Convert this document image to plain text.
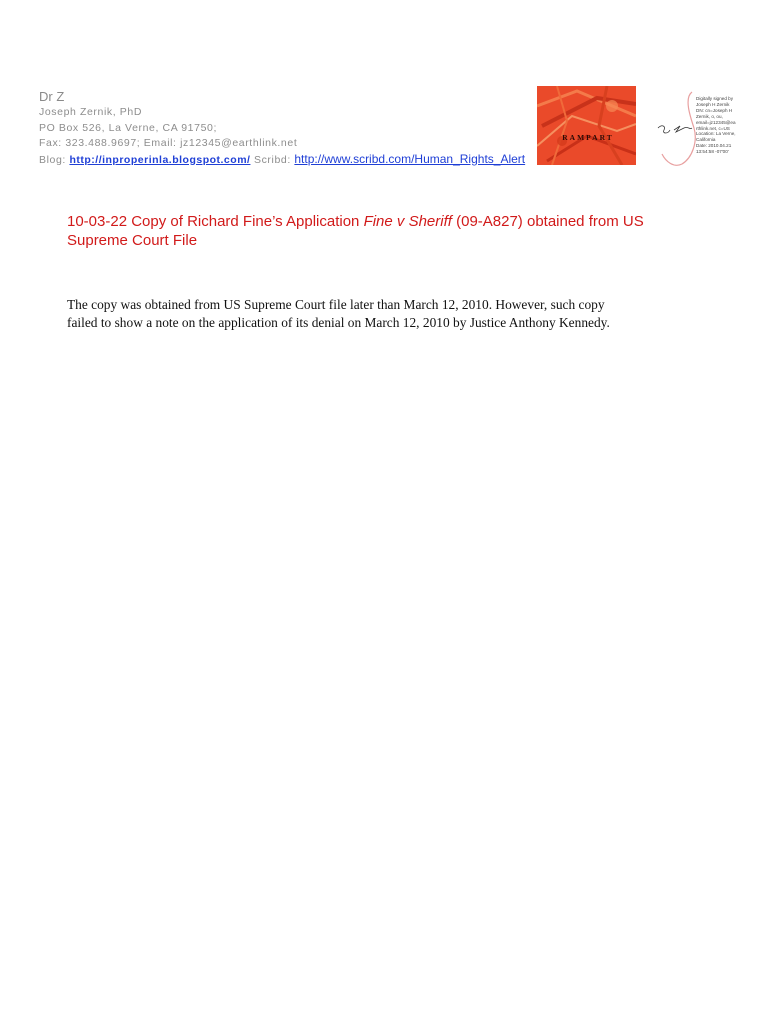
Dr Z
Joseph Zernik, PhD
PO Box 526, La Verne, CA 91750;
Fax: 323.488.9697; Email: jz12345@earthlink.net
Blog: http://inproperinla.blogspot.com/ Scribd: http://www.scribd.com/Human_Rights_Alert
RAMPART
Digitally signed by
Joseph H Zernik
DN: cn=Joseph H
Zernik, o, ou,
email=jz12345@ea
rthlink.net, c=US
Location: La Verne,
California
Date: 2010.04.21
13:54:58 -07'00'
10-03-22 Copy of Richard Fine’s Application Fine v Sheriff (09-A827) obtained from US
Supreme Court File
The copy was obtained from US Supreme Court file later than March 12, 2010. However, such copy
failed to show a note on the application of its denial on March 12, 2010 by Justice Anthony Kennedy.
